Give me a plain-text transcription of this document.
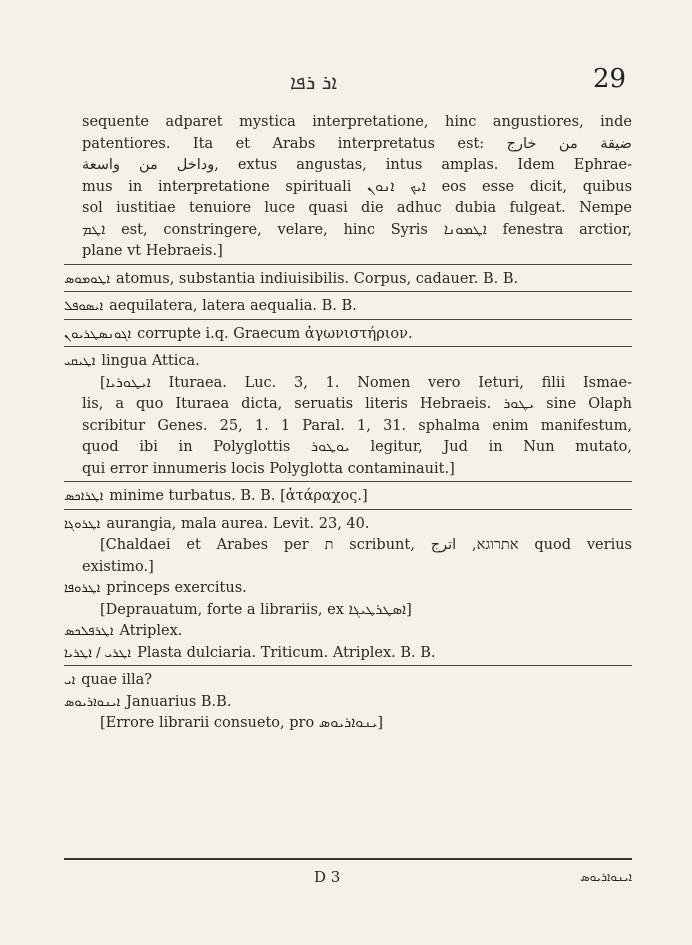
ܐܪ ܪܦܐ	29
sequente adparet mystica interpretatione, hinc angustiores, inde
patentiores. Ita et Arabs interpretatus est: ضيقة من خارج
وداخل من واسعة, extus angustas, intus amplas. Idem Ephrae-
mus in interpretatione spirituali ܐܝܟ ܐܢܘܢ eos esse dicit, quibus
sol iustitiae tenuiore luce quasi die adhuc dubia fulgeat. Nempe
ܐܛܡ est, constringere, velare, hinc Syris ܐܛܡܘܢܐ fenestra arctior,
plane vt Hebraeis.]
ܐܛܘܡܘܣ atomus, substantia indiuisibilis. Corpus, cadauer. B. B.
ܐܝܣܘܦܠ aequilatera, latera aequalia. B. B.
ܐܓܘܢܣܛܪܝܘܢ corrupte i.q. Graecum ἀγωνιστήριον.
ܐܛܝܩܝ lingua Attica.
[ܐܝܛܘܪܝܐ Ituraea. Luc. 3, 1. Nomen vero Ieturi, filii Ismae-
lis, a quo Ituraea dicta, seruatis literis Hebraeis. ܝܛܘܪ sine Olaph
scribitur Genes. 25, 1. 1 Paral. 1, 31. sphalma enim manifestum,
quod ibi in Polyglottis ܝܘܛܘܪ legitur, Jud in Nun mutato,
qui error innumeris locis Polyglotta contaminauit.]
ܐܛܪܐܟܣ minime turbatus. B. B. [ἀτάραχος.]
ܐܛܪܘܓܐ aurangia, mala aurea. Levit. 23, 40.
[Chaldaei et Arabes per ת scribunt, אתרוגא, اترج quod verius
existimo.]
ܐܛܪܘܦܐ princeps exercitus.
[Deprauatum, forte a librariis, ex ܐܣܛܪܛܝܓܐ]
ܐܛܪܦܠܟܣ Atriplex.
ܐܛܪܝ / ܐܛܪܝܐ Plasta dulciaria. Triticum. Atriplex. B. B.
ܐܝ quae illa?
ܐܝܢܘܐܪܝܘܣ Januarius B.B.
[Errore librarii consueto, pro ܝܢܘܐܪܝܘܣ]
D 3	ܐܝܢܘܐܪܝܘܣ
